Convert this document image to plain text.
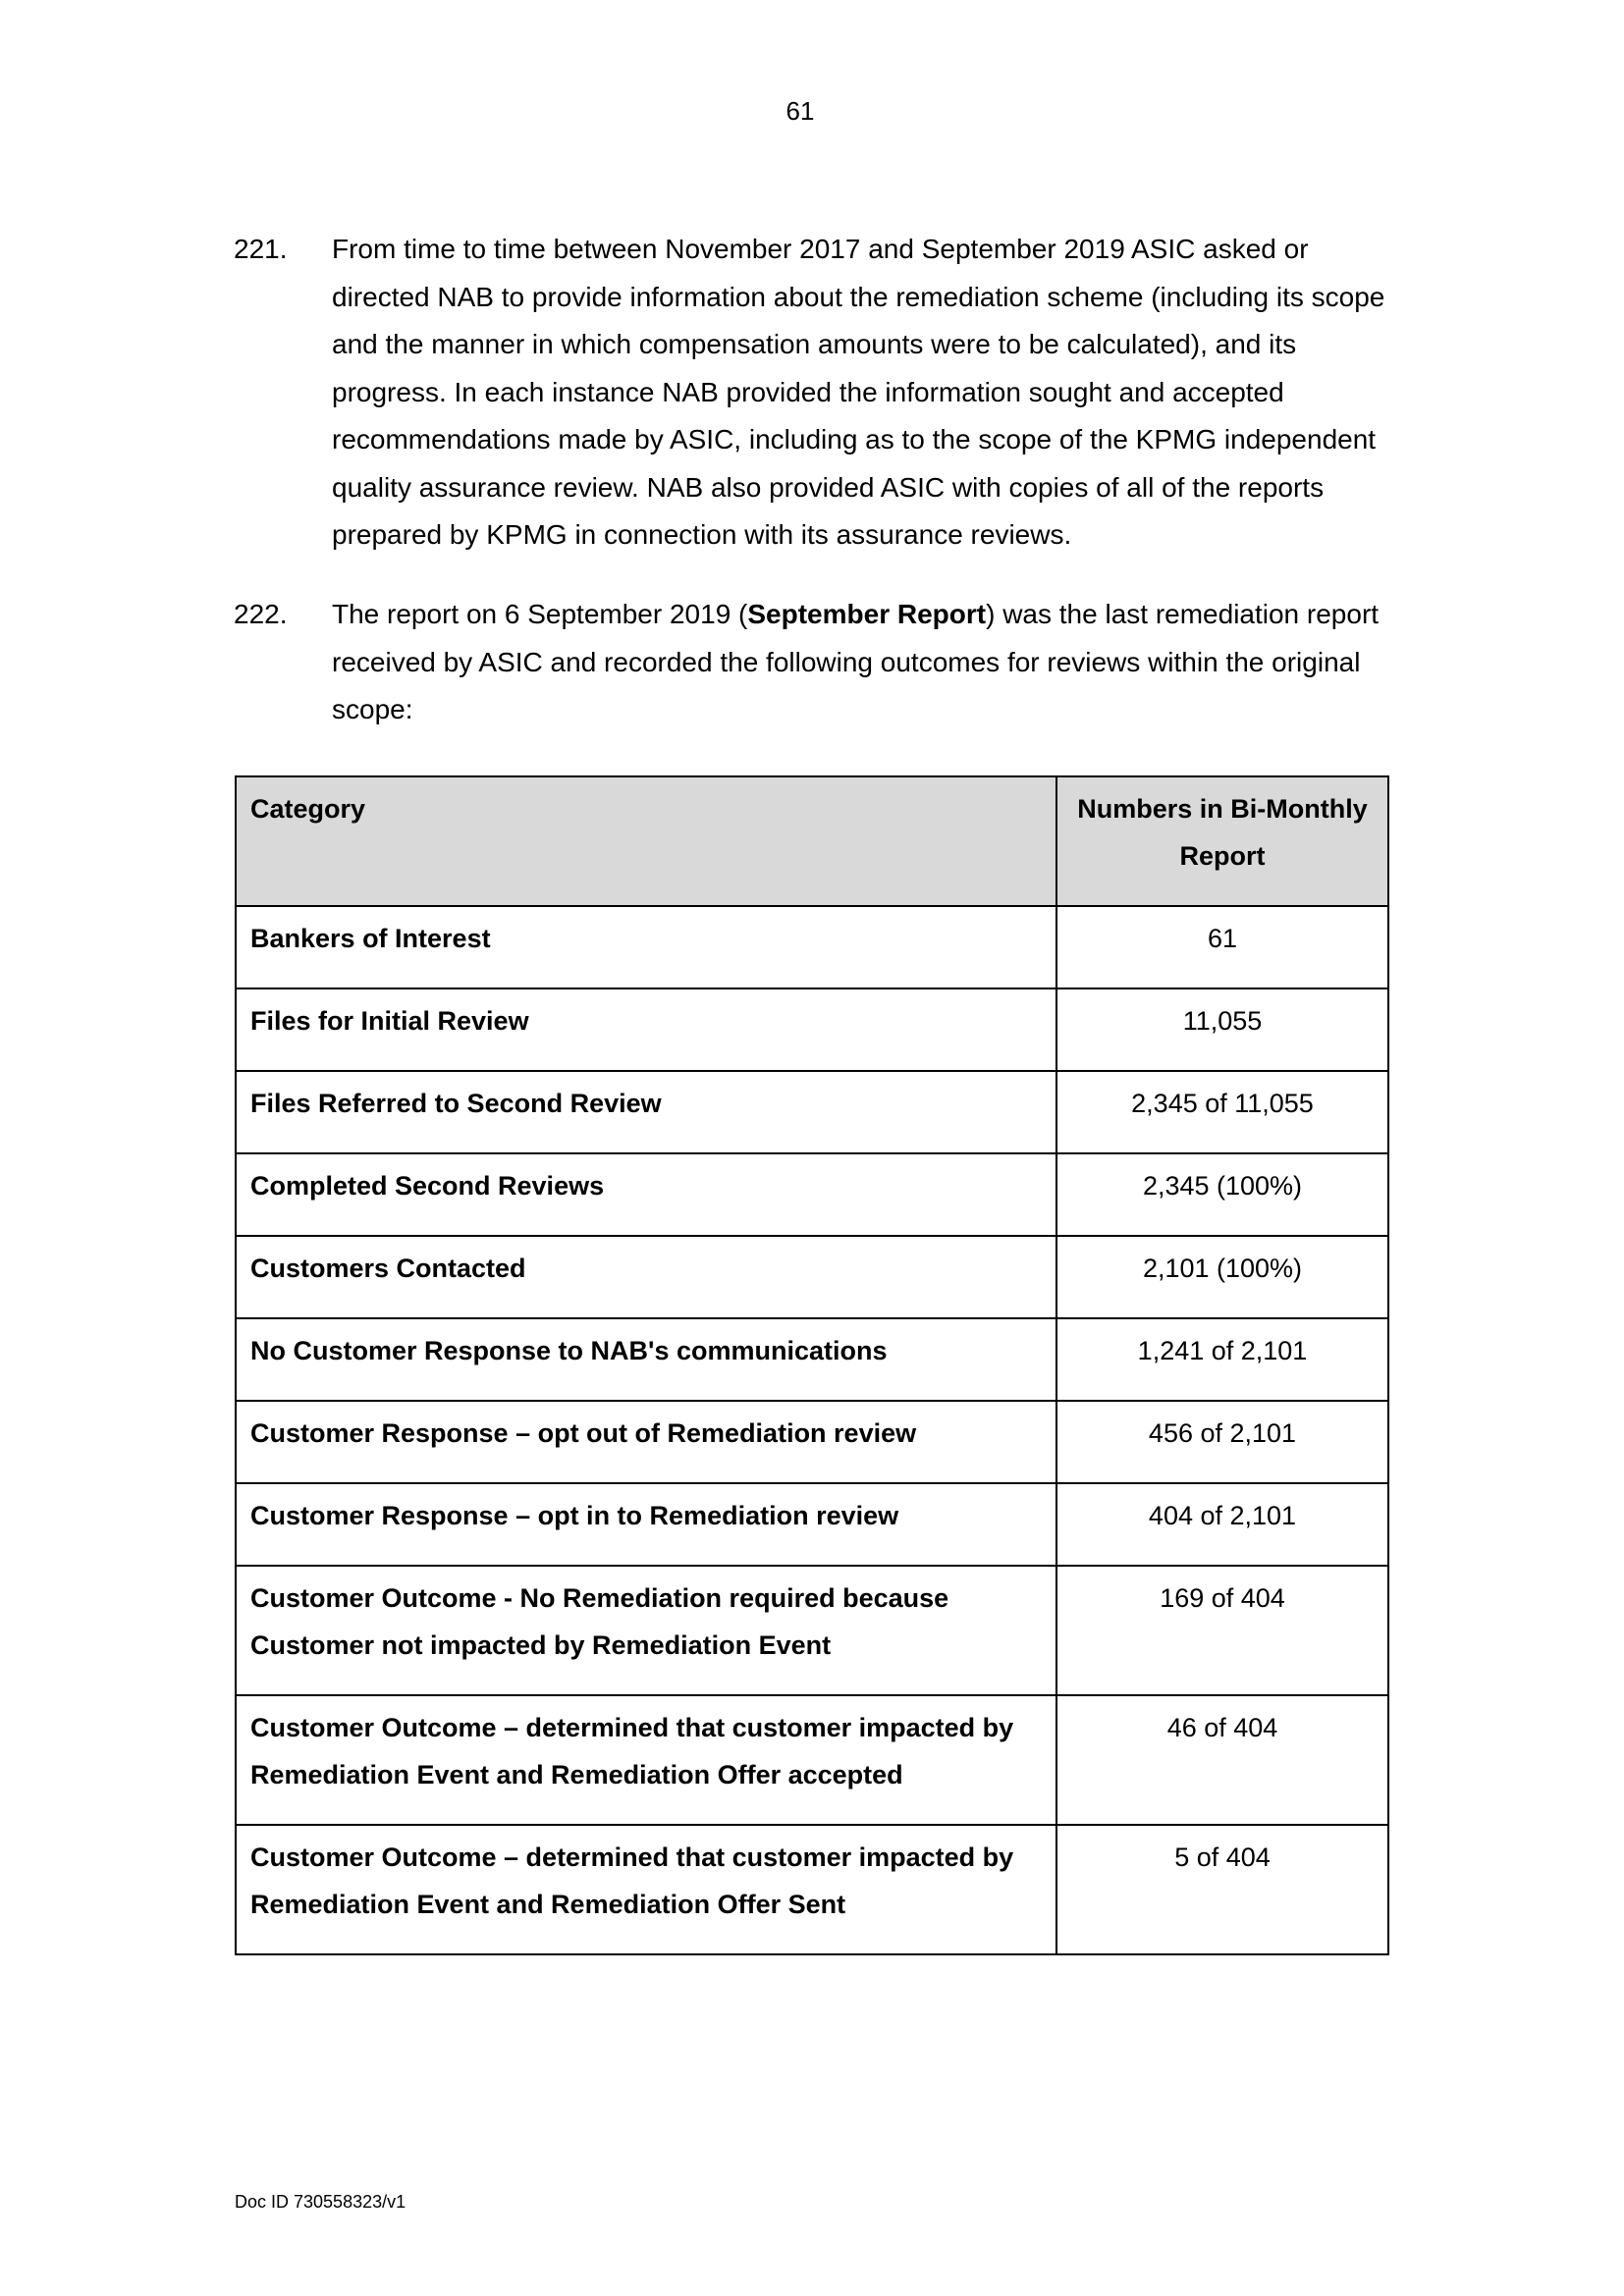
61
221. From time to time between November 2017 and September 2019 ASIC asked or directed NAB to provide information about the remediation scheme (including its scope and the manner in which compensation amounts were to be calculated), and its progress. In each instance NAB provided the information sought and accepted recommendations made by ASIC, including as to the scope of the KPMG independent quality assurance review. NAB also provided ASIC with copies of all of the reports prepared by KPMG in connection with its assurance reviews.
222. The report on 6 September 2019 (September Report) was the last remediation report received by ASIC and recorded the following outcomes for reviews within the original scope:
Category	Numbers in Bi-Monthly Report
Bankers of Interest	61
Files for Initial Review	11,055
Files Referred to Second Review	2,345 of 11,055
Completed Second Reviews	2,345 (100%)
Customers Contacted	2,101 (100%)
No Customer Response to NAB's communications	1,241 of 2,101
Customer Response – opt out of Remediation review	456 of 2,101
Customer Response – opt in to Remediation review	404 of 2,101
Customer Outcome - No Remediation required because Customer not impacted by Remediation Event	169 of 404
Customer Outcome – determined that customer impacted by Remediation Event and Remediation Offer accepted	46 of 404
Customer Outcome – determined that customer impacted by Remediation Event and Remediation Offer Sent	5 of 404
Doc ID 730558323/v1
